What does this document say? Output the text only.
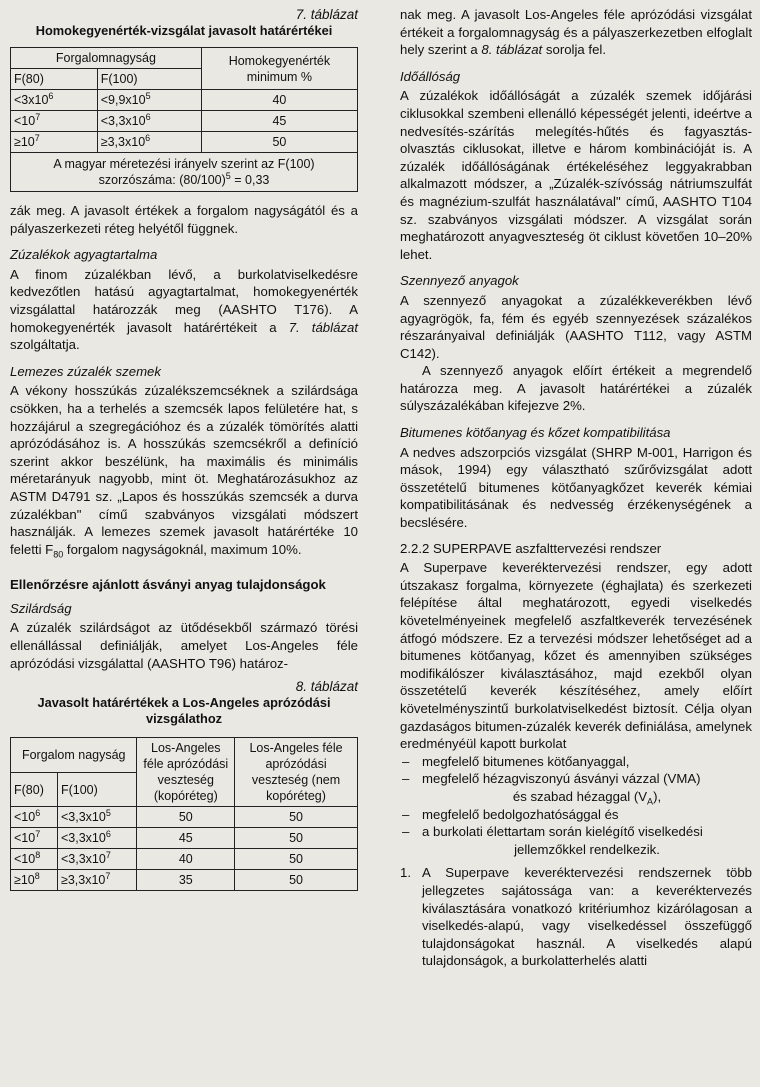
7. táblázat
Homokegyenérték-vizsgálat javasolt határértékei
Forgalomnagyság		Homokegyenérték minimum %
F(80)	F(100)	
$<3x10^6$	$<9,9x10^5$	40
$<10^7$	$<3,3x10^6$	45
$\ge 10^7$	$\ge 3,3x10^6$	50
A magyar méretezési irányelv szerint az F(100) szorzószáma: $(80/100)^5 = 0,33$		

zák meg. A javasolt értékek a forgalom nagyságától és a pályaszerkezeti réteg helyétől függnek.

Zúzalékok agyagtartalma

A finom zúzalékban lévő, a burkolatviselkedésre kedvezőtlen hatású agyagtartalmat, homokegyenérték vizsgálattal határozzák meg (AASHTO T176). A homokegyenérték javasolt határértékeit a 7. táblázat szolgáltatja.

Lemezes zúzalék szemek

A vékony hosszúkás zúzalékszemcséknek a szilárdsága csökken, ha a terhelés a szemcsék lapos felületére hat, s hozzájárul a szegregációhoz és a zúzalék tömörítés alatti aprózódásához is. A hosszúkás szemcsékről a definíció szerint akkor beszélünk, ha maximális és minimális méretarányuk nagyobb, mint öt. Meghatározásukhoz az ASTM D4791 sz. „Lapos és hosszúkás szemcsék a durva zúzalékban" című szabványos vizsgálati módszert használják. A lemezes szemek javasolt határértéke 10 feletti $F_{80}$ forgalom nagyságoknál, maximum 10%.

Ellenőrzésre ajánlott ásványi anyag tulajdonságok
Szilárdság

A zúzalék szilárdságot az ütődésekből származó törési ellenállással definiálják, amelyet Los-Angeles féle aprózódási vizsgálattal (AASHTO T96) határoz-

8. táblázat
Javasolt határértékek a Los-Angeles aprózódási vizsgálathoz
Forgalom nagyság		Los-Angeles féle aprózódási veszteség (kopóréteg)	Los-Angeles féle aprózódási veszteség (nem kopóréteg)
F(80)	F(100)		
$<10^6$	$<3,3x10^5$	50	50
$<10^7$	$<3,3x10^6$	45	50
$<10^8$	$<3,3x10^7$	40	50
$\ge 10^8$	$\ge 3,3x10^7$	35	50

nak meg. A javasolt Los-Angeles féle aprózódási vizsgálat értékeit a forgalomnagyság és a pályaszerkezetben elfoglalt hely szerint a 8. táblázat sorolja fel.

Időállóság

A zúzalékok időállóságát a zúzalék szemek időjárási ciklusokkal szembeni ellenálló képességét jelenti, ideértve a nedvesítés-szárítás melegítés-hűtés és fagyasztás-olvasztás ciklusokat, illetve e három kombinációját is. A zúzalék időállóságának értékeléséhez leggyakrabban alkalmazott módszer, a „Zúzalék-szívósság nátriumszulfát és magnézium-szulfát használatával" című, AASHTO T104 sz. szabványos vizsgálati módszer. A vizsgálat során meghatározott anyagveszteség öt ciklust követően 10–20% lehet.

Szennyező anyagok

A szennyező anyagokat a zúzalékkeverékben lévő agyagrögök, fa, fém és egyéb szennyezések százalékos részarányaival definiálják (AASHTO T112, vagy ASTM C142).

A szennyező anyagok előírt értékeit a megrendelő határozza meg. A javasolt határértékei a zúzalék súlyszázalékában kifejezve 2%.

Bitumenes kötőanyag és kőzet kompatibilitása

A nedves adszorpciós vizsgálat (SHRP M-001, Harrigon és mások, 1994) egy választható szűrővizsgálat adott összetételű bitumenes kötőanyagkőzet keverék kémiai kompatibilitásának és nedvesség érzékenységének a becslésére.

2.2.2 SUPERPAVE aszfalttervezési rendszer

A Superpave keveréktervezési rendszer, egy adott útszakasz forgalma, környezete (éghajlata) és szerkezeti felépítése által meghatározott, egyedi viselkedés követelményeinek megfelelő aszfaltkeverék tervezésének átfogó módszere. Ez a tervezési módszer lehetőséget ad a bitumenes kötőanyag, kőzet és amennyiben szükséges modifikálószer kiválasztásához, majd ezekből olyan összetételű keverék készítéséhez, amely előírt követelményszintű burkolatviselkedést biztosít. Célja olyan gazdaságos bitumen-zúzalék keverék definiálása, amelynek eredményéül kapott burkolat

– megfelelő bitumenes kötőanyaggal,
– megfelelő hézagviszonyú ásványi vázzal (VMA)
és szabad hézaggal $(V_A)$,
– megfelelő bedolgozhatósággal és
– a burkolati élettartam során kielégítő viselkedési
jellemzőkkel rendelkezik.
1. A Superpave keveréktervezési rendszernek több jellegzetes sajátossága van: a keveréktervezés kiválasztására vonatkozó kritériumhoz kizárólagosan a viselkedés-alapú, vagy viselkedéssel összefüggő tulajdonságokat használ. A viselkedés alapú tulajdonságok, a burkolatterhelés alatti
